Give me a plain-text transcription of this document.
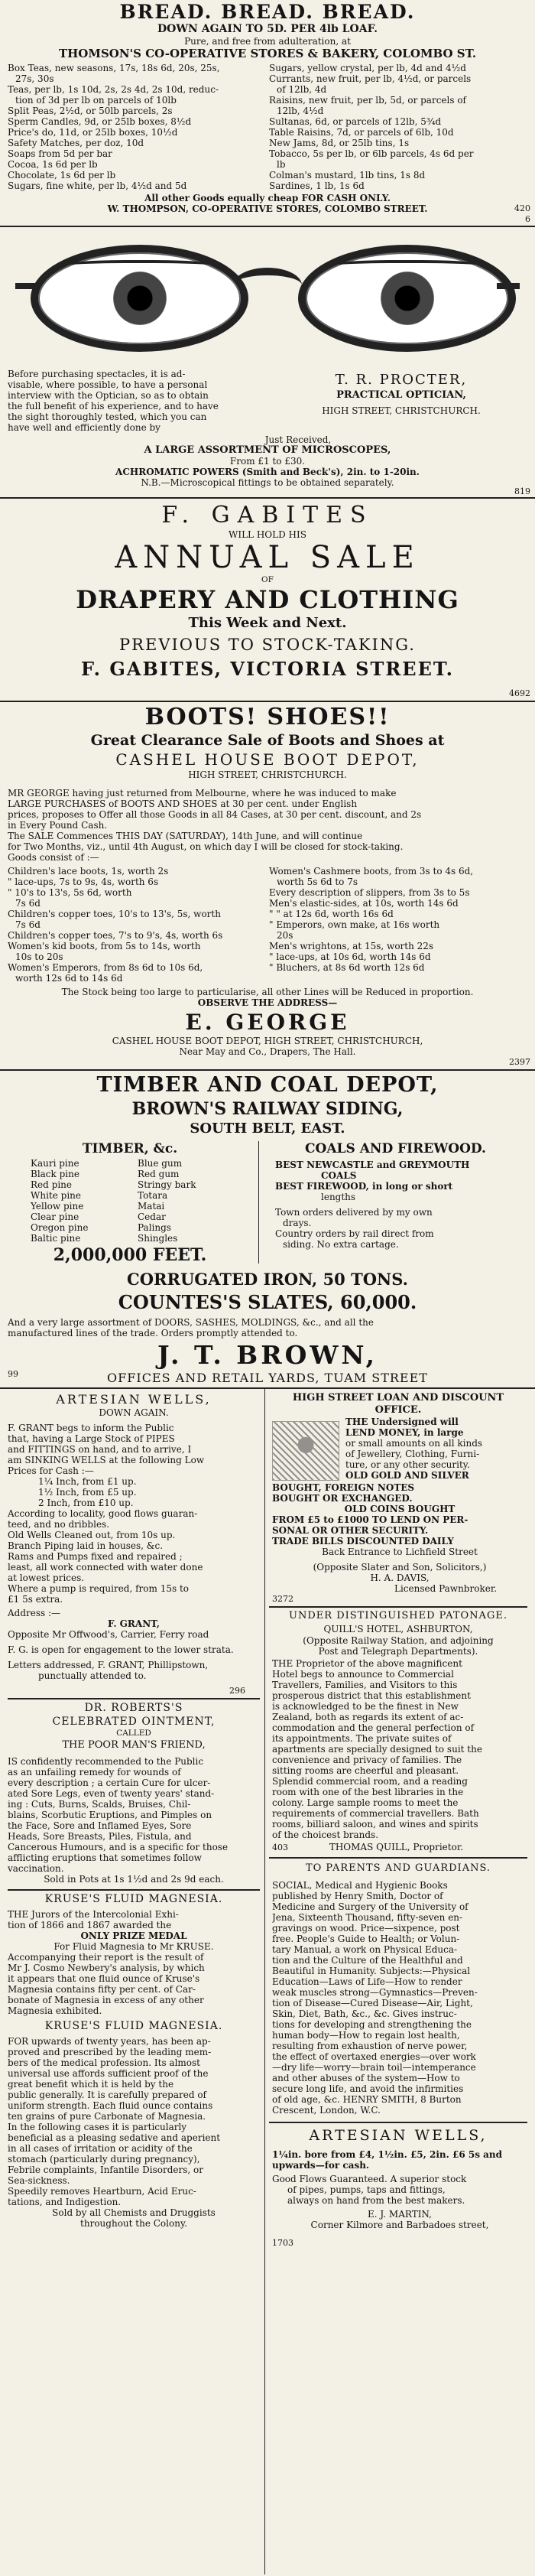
BREAD. BREAD. BREAD.
DOWN AGAIN TO 5D. PER 4lb LOAF.
Pure, and free from adulteration, at
THOMSON'S CO-OPERATIVE STORES & BAKERY, COLOMBO ST.
Box Teas, new seasons, 17s, 18s 6d, 20s, 25s,
27s, 30s
Teas, per lb, 1s 10d, 2s, 2s 4d, 2s 10d, reduc-
tion of 3d per lb on parcels of 10lb
Split Peas, 2½d, or 50lb parcels, 2s
Sperm Candles, 9d, or 25lb boxes, 8½d
Price's do, 11d, or 25lb boxes, 10½d
Safety Matches, per doz, 10d
Soaps from 5d per bar
Cocoa, 1s 6d per lb
Chocolate, 1s 6d per lb
Sugars, fine white, per lb, 4½d and 5d
Sugars, yellow crystal, per lb, 4d and 4½d
Currants, new fruit, per lb, 4½d, or parcels
of 12lb, 4d
Raisins, new fruit, per lb, 5d, or parcels of
12lb, 4½d
Sultanas, 6d, or parcels of 12lb, 5¾d
Table Raisins, 7d, or parcels of 6lb, 10d
New Jams, 8d, or 25lb tins, 1s
Tobacco, 5s per lb, or 6lb parcels, 4s 6d per
lb
Colman's mustard, 1lb tins, 1s 8d
Sardines, 1 lb, 1s 6d
All other Goods equally cheap FOR CASH ONLY.
W. THOMPSON, CO-OPERATIVE STORES, COLOMBO STREET.	420
6
Before purchasing spectacles, it is ad-
visable, where possible, to have a personal
interview with the Optician, so as to obtain
the full benefit of his experience, and to have
the sight thoroughly tested, which you can
have well and efficiently done by
T. R. PROCTER,
PRACTICAL OPTICIAN,
HIGH STREET, CHRISTCHURCH.
Just Received,
A LARGE ASSORTMENT OF MICROSCOPES,
From £1 to £30.
ACHROMATIC POWERS (Smith and Beck's), 2in. to 1-20in.
N.B.—Microscopical fittings to be obtained separately.
819
F. GABITES
WILL HOLD HIS
ANNUAL SALE
OF
DRAPERY AND CLOTHING
This Week and Next.
PREVIOUS TO STOCK-TAKING.
F. GABITES, VICTORIA STREET.
4692
BOOTS! SHOES!!
Great Clearance Sale of Boots and Shoes at
CASHEL HOUSE BOOT DEPOT,
HIGH STREET, CHRISTCHURCH.
MR GEORGE having just returned from Melbourne, where he was induced to make
LARGE PURCHASES of BOOTS AND SHOES at 30 per cent. under English
prices, proposes to Offer all those Goods in all 84 Cases, at 30 per cent. discount, and 2s
in Every Pound Cash.
The SALE Commences THIS DAY (SATURDAY), 14th June, and will continue
for Two Months, viz., until 4th August, on which day I will be closed for stock-taking.
Goods consist of :—
Children's lace boots, 1s, worth 2s
" lace-ups, 7s to 9s, 4s, worth 6s
" 10's to 13's, 5s 6d, worth
7s 6d
Children's copper toes, 10's to 13's, 5s, worth
7s 6d
Children's copper toes, 7's to 9's, 4s, worth 6s
Women's kid boots, from 5s to 14s, worth
10s to 20s
Women's Emperors, from 8s 6d to 10s 6d,
worth 12s 6d to 14s 6d
Women's Cashmere boots, from 3s to 4s 6d,
worth 5s 6d to 7s
Every description of slippers, from 3s to 5s
Men's elastic-sides, at 10s, worth 14s 6d
" " at 12s 6d, worth 16s 6d
" Emperors, own make, at 16s worth
20s
Men's wrightons, at 15s, worth 22s
" lace-ups, at 10s 6d, worth 14s 6d
" Bluchers, at 8s 6d worth 12s 6d
The Stock being too large to particularise, all other Lines will be Reduced in proportion.
OBSERVE THE ADDRESS—
E. GEORGE
CASHEL HOUSE BOOT DEPOT, HIGH STREET, CHRISTCHURCH,
Near May and Co., Drapers, The Hall.
2397
TIMBER AND COAL DEPOT,
BROWN'S RAILWAY SIDING,
SOUTH BELT, EAST.
TIMBER, &c.
Kauri pine
Black pine
Red pine
White pine
Yellow pine
Clear pine
Oregon pine
Baltic pine
Blue gum
Red gum
Stringy bark
Totara
Matai
Cedar
Palings
Shingles
2,000,000 FEET.
COALS AND FIREWOOD.
BEST NEWCASTLE and GREYMOUTH
COALS
BEST FIREWOOD, in long or short
lengths
Town orders delivered by my own
drays.
Country orders by rail direct from
siding. No extra cartage.
CORRUGATED IRON, 50 TONS.
COUNTES'S SLATES, 60,000.
And a very large assortment of DOORS, SASHES, MOLDINGS, &c., and all the
manufactured lines of the trade. Orders promptly attended to.
J. T. BROWN,
OFFICES AND RETAIL YARDS, TUAM STREET
99
ARTESIAN WELLS,
DOWN AGAIN.
F. GRANT begs to inform the Public
that, having a Large Stock of PIPES
and FITTINGS on hand, and to arrive, I
am SINKING WELLS at the following Low
Prices for Cash :—
1¼ Inch, from £1 up.
1½ Inch, from £5 up.
2 Inch, from £10 up.
According to locality, good flows guaran-
teed, and no dribbles.
Old Wells Cleaned out, from 10s up.
Branch Piping laid in houses, &c.
Rams and Pumps fixed and repaired ;
least, all work connected with water done
at lowest prices.
Where a pump is required, from 15s to
£1 5s extra.
Address :—
F. GRANT,
Opposite Mr Offwood's, Carrier, Ferry road
F. G. is open for engagement to the lower strata.
Letters addressed, F. GRANT, Phillipstown,
punctually attended to.
296
DR. ROBERTS'S
CELEBRATED OINTMENT,
CALLED
THE POOR MAN'S FRIEND,
IS confidently recommended to the Public
as an unfailing remedy for wounds of
every description ; a certain Cure for ulcer-
ated Sore Legs, even of twenty years' stand-
ing : Cuts, Burns, Scalds, Bruises, Chil-
blains, Scorbutic Eruptions, and Pimples on
the Face, Sore and Inflamed Eyes, Sore
Heads, Sore Breasts, Piles, Fistula, and
Cancerous Humours, and is a specific for those
afflicting eruptions that sometimes follow
vaccination.
Sold in Pots at 1s 1½d and 2s 9d each.
KRUSE'S FLUID MAGNESIA.
THE Jurors of the Intercolonial Exhi-
tion of 1866 and 1867 awarded the
ONLY PRIZE MEDAL
For Fluid Magnesia to Mr KRUSE.
Accompanying their report is the result of
Mr J. Cosmo Newbery's analysis, by which
it appears that one fluid ounce of Kruse's
Magnesia contains fifty per cent. of Car-
bonate of Magnesia in excess of any other
Magnesia exhibited.
KRUSE'S FLUID MAGNESIA.
FOR upwards of twenty years, has been ap-
proved and prescribed by the leading mem-
bers of the medical profession. Its almost
universal use affords sufficient proof of the
great benefit which it is held by the
public generally. It is carefully prepared of
uniform strength. Each fluid ounce contains
ten grains of pure Carbonate of Magnesia.
In the following cases it is particularly
beneficial as a pleasing sedative and aperient
in all cases of irritation or acidity of the
stomach (particularly during pregnancy),
Febrile complaints, Infantile Disorders, or
Sea-sickness.
Speedily removes Heartburn, Acid Eruc-
tations, and Indigestion.
Sold by all Chemists and Druggists
throughout the Colony.
HIGH STREET LOAN AND DISCOUNT
OFFICE.
THE Undersigned will
LEND MONEY, in large
or small amounts on all kinds
of Jewellery, Clothing, Furni-
ture, or any other security.
OLD GOLD AND SILVER
BOUGHT, FOREIGN NOTES
BOUGHT OR EXCHANGED.
OLD COINS BOUGHT
FROM £5 to £1000 TO LEND ON PER-
SONAL OR OTHER SECURITY.
TRADE BILLS DISCOUNTED DAILY
Back Entrance to Lichfield Street
(Opposite Slater and Son, Solicitors,)
H. A. DAVIS,
Licensed Pawnbroker.
3272
UNDER DISTINGUISHED PATONAGE.
QUILL'S HOTEL, ASHBURTON,
(Opposite Railway Station, and adjoining
Post and Telegraph Departments).
THE Proprietor of the above magnificent
Hotel begs to announce to Commercial
Travellers, Families, and Visitors to this
prosperous district that this establishment
is acknowledged to be the finest in New
Zealand, both as regards its extent of ac-
commodation and the general perfection of
its appointments. The private suites of
apartments are specially designed to suit the
convenience and privacy of families. The
sitting rooms are cheerful and pleasant.
Splendid commercial room, and a reading
room with one of the best libraries in the
colony. Large sample rooms to meet the
requirements of commercial travellers. Bath
rooms, billiard saloon, and wines and spirits
of the choicest brands.
403	THOMAS QUILL, Proprietor.
TO PARENTS AND GUARDIANS.
SOCIAL, Medical and Hygienic Books
published by Henry Smith, Doctor of
Medicine and Surgery of the University of
Jena, Sixteenth Thousand, fifty-seven en-
gravings on wood. Price—sixpence, post
free. People's Guide to Health; or Volun-
tary Manual, a work on Physical Educa-
tion and the Culture of the Healthful and
Beautiful in Humanity. Subjects:—Physical
Education—Laws of Life—How to render
weak muscles strong—Gymnastics—Preven-
tion of Disease—Cured Disease—Air, Light,
Skin, Diet, Bath, &c., &c. Gives instruc-
tions for developing and strengthening the
human body—How to regain lost health,
resulting from exhaustion of nerve power,
the effect of overtaxed energies—over work
—dry life—worry—brain toil—intemperance
and other abuses of the system—How to
secure long life, and avoid the infirmities
of old age, &c. HENRY SMITH, 8 Burton
Crescent, London, W.C.
ARTESIAN WELLS,
1¼in. bore from £4, 1½in. £5, 2in. £6 5s and
upwards—for cash.
Good Flows Guaranteed. A superior stock
of pipes, pumps, taps and fittings,
always on hand from the best makers.
E. J. MARTIN,
Corner Kilmore and Barbadoes street,
1703
